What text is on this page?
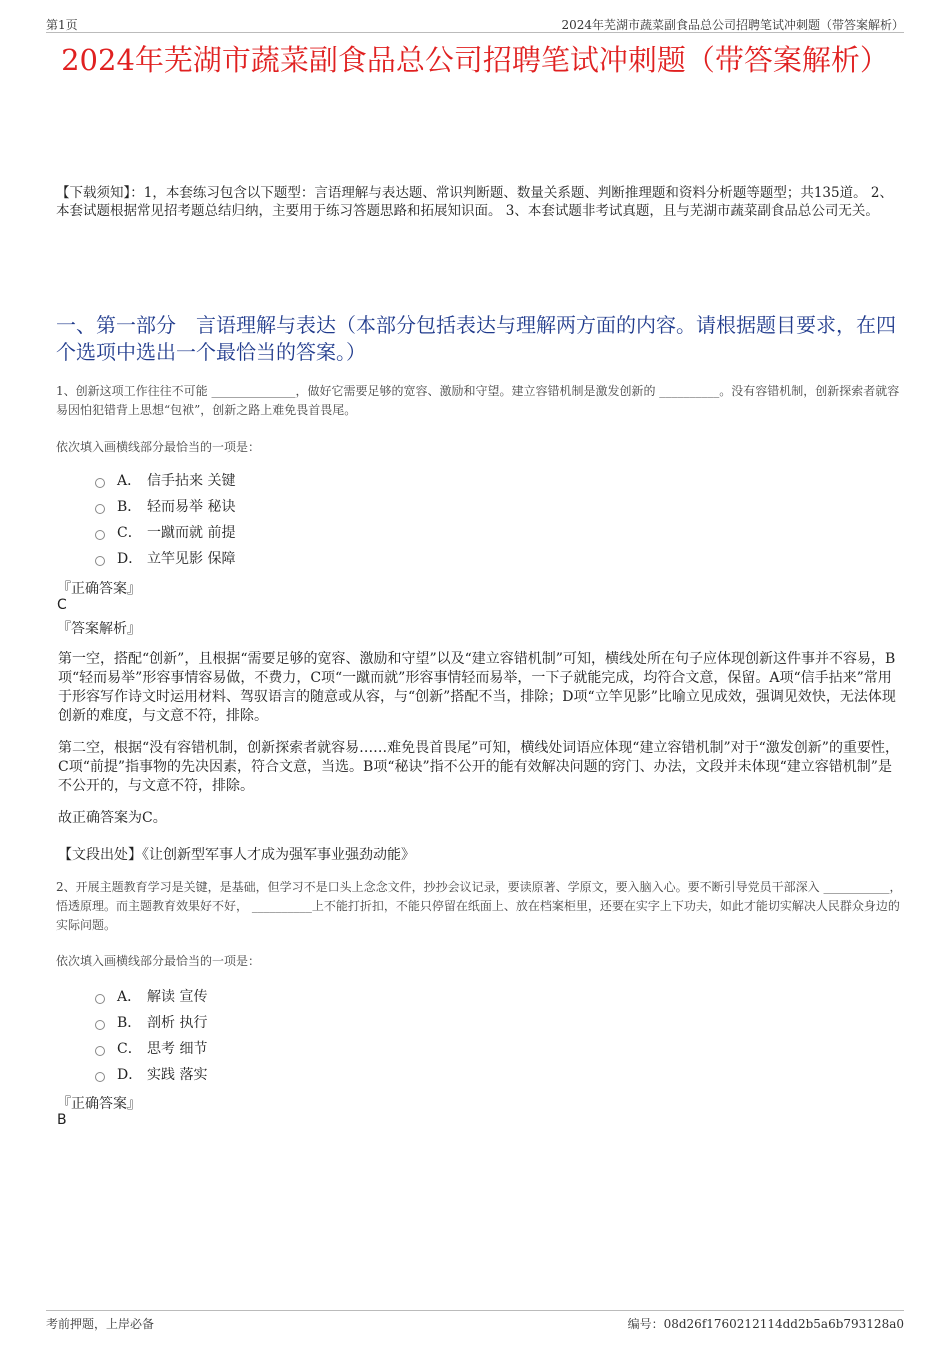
第1页	2024年芜湖市蔬菜副食品总公司招聘笔试冲刺题（带答案解析）
2024年芜湖市蔬菜副食品总公司招聘笔试冲刺题（带答案解析）
【下载须知】：1，本套练习包含以下题型：言语理解与表达题、常识判断题、数量关系题、判断推理题和资料分析题等题型；共135道。 2、本套试题根据常见招考题总结归纳，主要用于练习答题思路和拓展知识面。 3、本套试题非考试真题，且与芜湖市蔬菜副食品总公司无关。
一、第一部分　言语理解与表达（本部分包括表达与理解两方面的内容。请根据题目要求，在四个选项中选出一个最恰当的答案。）
1、创新这项工作往往不可能 ______________，做好它需要足够的宽容、激励和守望。建立容错机制是激发创新的 __________。没有容错机制，创新探索者就容易因怕犯错背上思想“包袱”，创新之路上难免畏首畏尾。
依次填入画横线部分最恰当的一项是：
A． 信手拈来 关键
B． 轻而易举 秘诀
C． 一蹴而就 前提
D． 立竿见影 保障
『正确答案』
C
『答案解析』
第一空，搭配“创新”，且根据“需要足够的宽容、激励和守望”以及“建立容错机制”可知，横线处所在句子应体现创新这件事并不容易，B项“轻而易举”形容事情容易做，不费力，C项“一蹴而就”形容事情轻而易举，一下子就能完成，均符合文意，保留。A项“信手拈来”常用于形容写作诗文时运用材料、驾驭语言的随意或从容，与“创新”搭配不当，排除；D项“立竿见影”比喻立见成效，强调见效快，无法体现创新的难度，与文意不符，排除。
第二空，根据“没有容错机制，创新探索者就容易……难免畏首畏尾”可知，横线处词语应体现“建立容错机制”对于“激发创新”的重要性，C项“前提”指事物的先决因素，符合文意，当选。B项“秘诀”指不公开的能有效解决问题的窍门、办法，文段并未体现“建立容错机制”是不公开的，与文意不符，排除。
故正确答案为C。
【文段出处】《让创新型军事人才成为强军事业强劲动能》
2、开展主题教育学习是关键，是基础，但学习不是口头上念念文件，抄抄会议记录，要读原著、学原文，要入脑入心。要不断引导党员干部深入 ___________，悟透原理。而主题教育效果好不好， __________上不能打折扣，不能只停留在纸面上、放在档案柜里，还要在实字上下功夫，如此才能切实解决人民群众身边的实际问题。
依次填入画横线部分最恰当的一项是：
A． 解读 宣传
B． 剖析 执行
C． 思考 细节
D． 实践 落实
『正确答案』
B
考前押题，上岸必备	编号：08d26f1760212114dd2b5a6b793128a0
